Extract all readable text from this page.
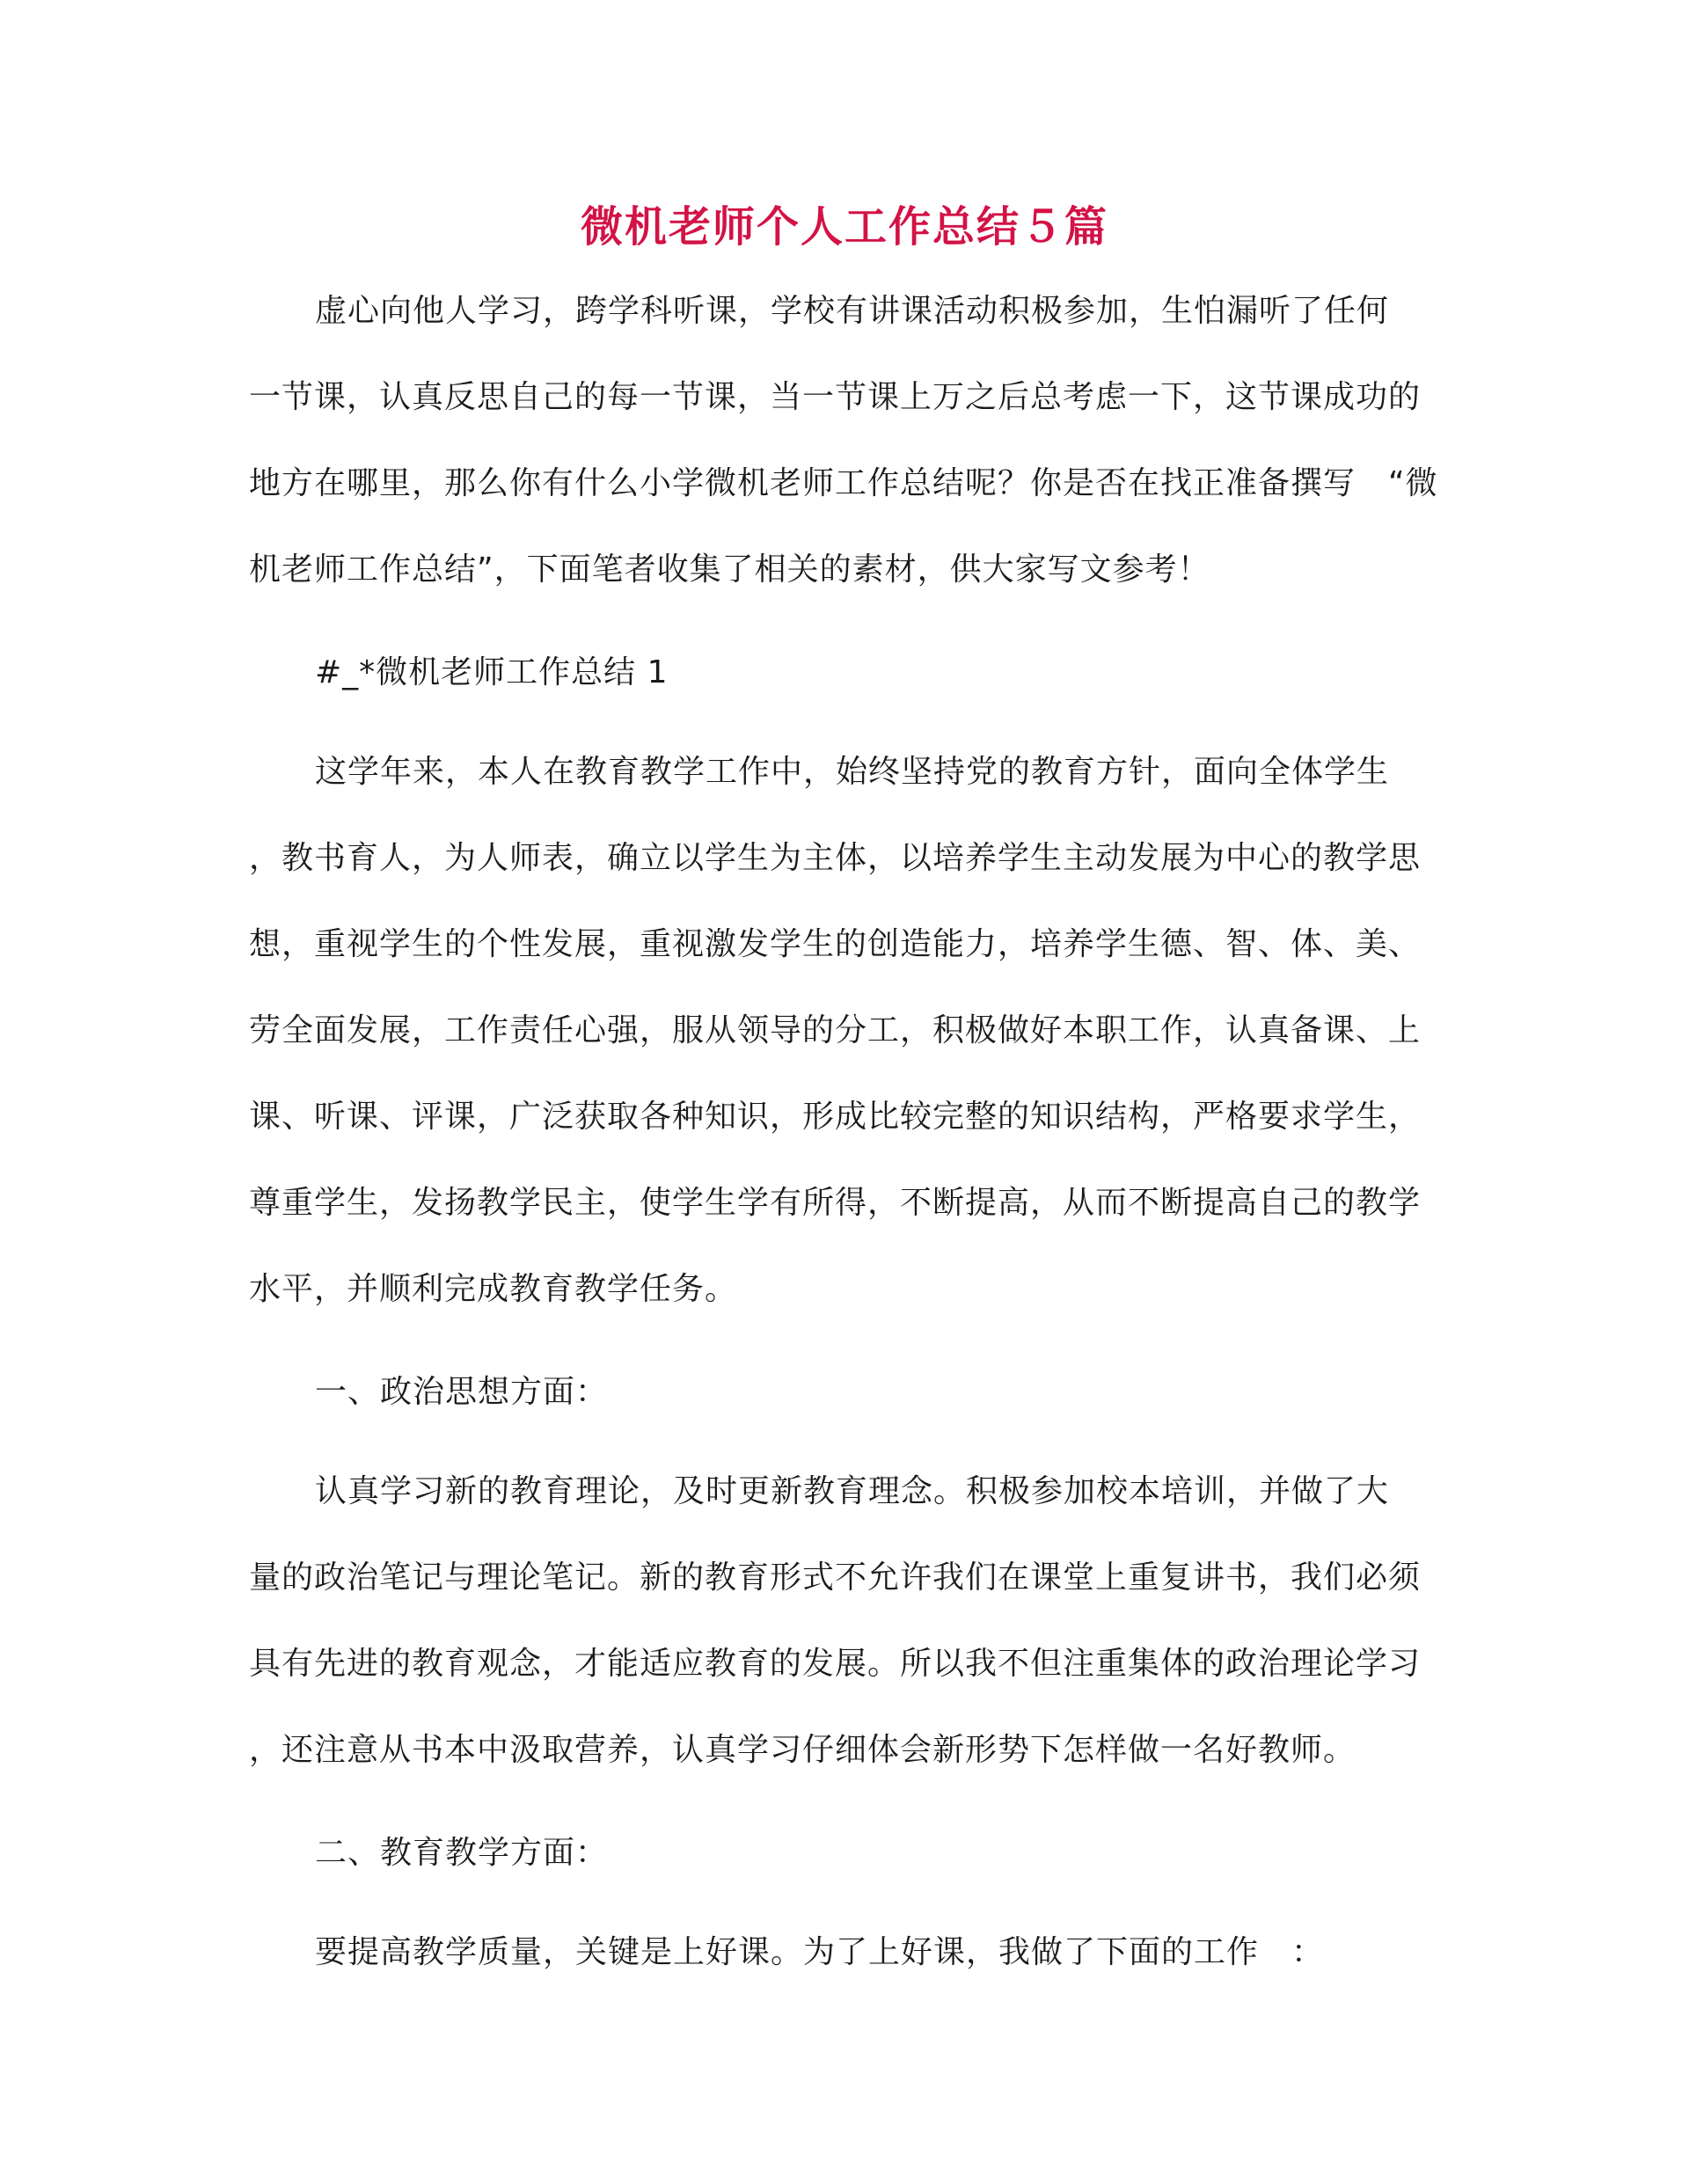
微机老师个人工作总结５篇
虚心向他人学习，跨学科听课，学校有讲课活动积极参加，生怕漏听了任何
一节课，认真反思自己的每一节课，当一节课上万之后总考虑一下，这节课成功的
地方在哪里，那么你有什么小学微机老师工作总结呢？你是否在找正准备撰写　“微
机老师工作总结”，下面笔者收集了相关的素材，供大家写文参考！
#_*微机老师工作总结 1
这学年来，本人在教育教学工作中，始终坚持党的教育方针，面向全体学生
，教书育人，为人师表，确立以学生为主体，以培养学生主动发展为中心的教学思
想，重视学生的个性发展，重视激发学生的创造能力，培养学生德、智、体、美、
劳全面发展，工作责任心强，服从领导的分工，积极做好本职工作，认真备课、上
课、听课、评课，广泛获取各种知识，形成比较完整的知识结构，严格要求学生，
尊重学生，发扬教学民主，使学生学有所得，不断提高，从而不断提高自己的教学
水平，并顺利完成教育教学任务。
一、政治思想方面：
认真学习新的教育理论，及时更新教育理念。积极参加校本培训，并做了大
量的政治笔记与理论笔记。新的教育形式不允许我们在课堂上重复讲书，我们必须
具有先进的教育观念，才能适应教育的发展。所以我不但注重集体的政治理论学习
，还注意从书本中汲取营养，认真学习仔细体会新形势下怎样做一名好教师。
二、教育教学方面：
要提高教学质量，关键是上好课。为了上好课，我做了下面的工作　：
